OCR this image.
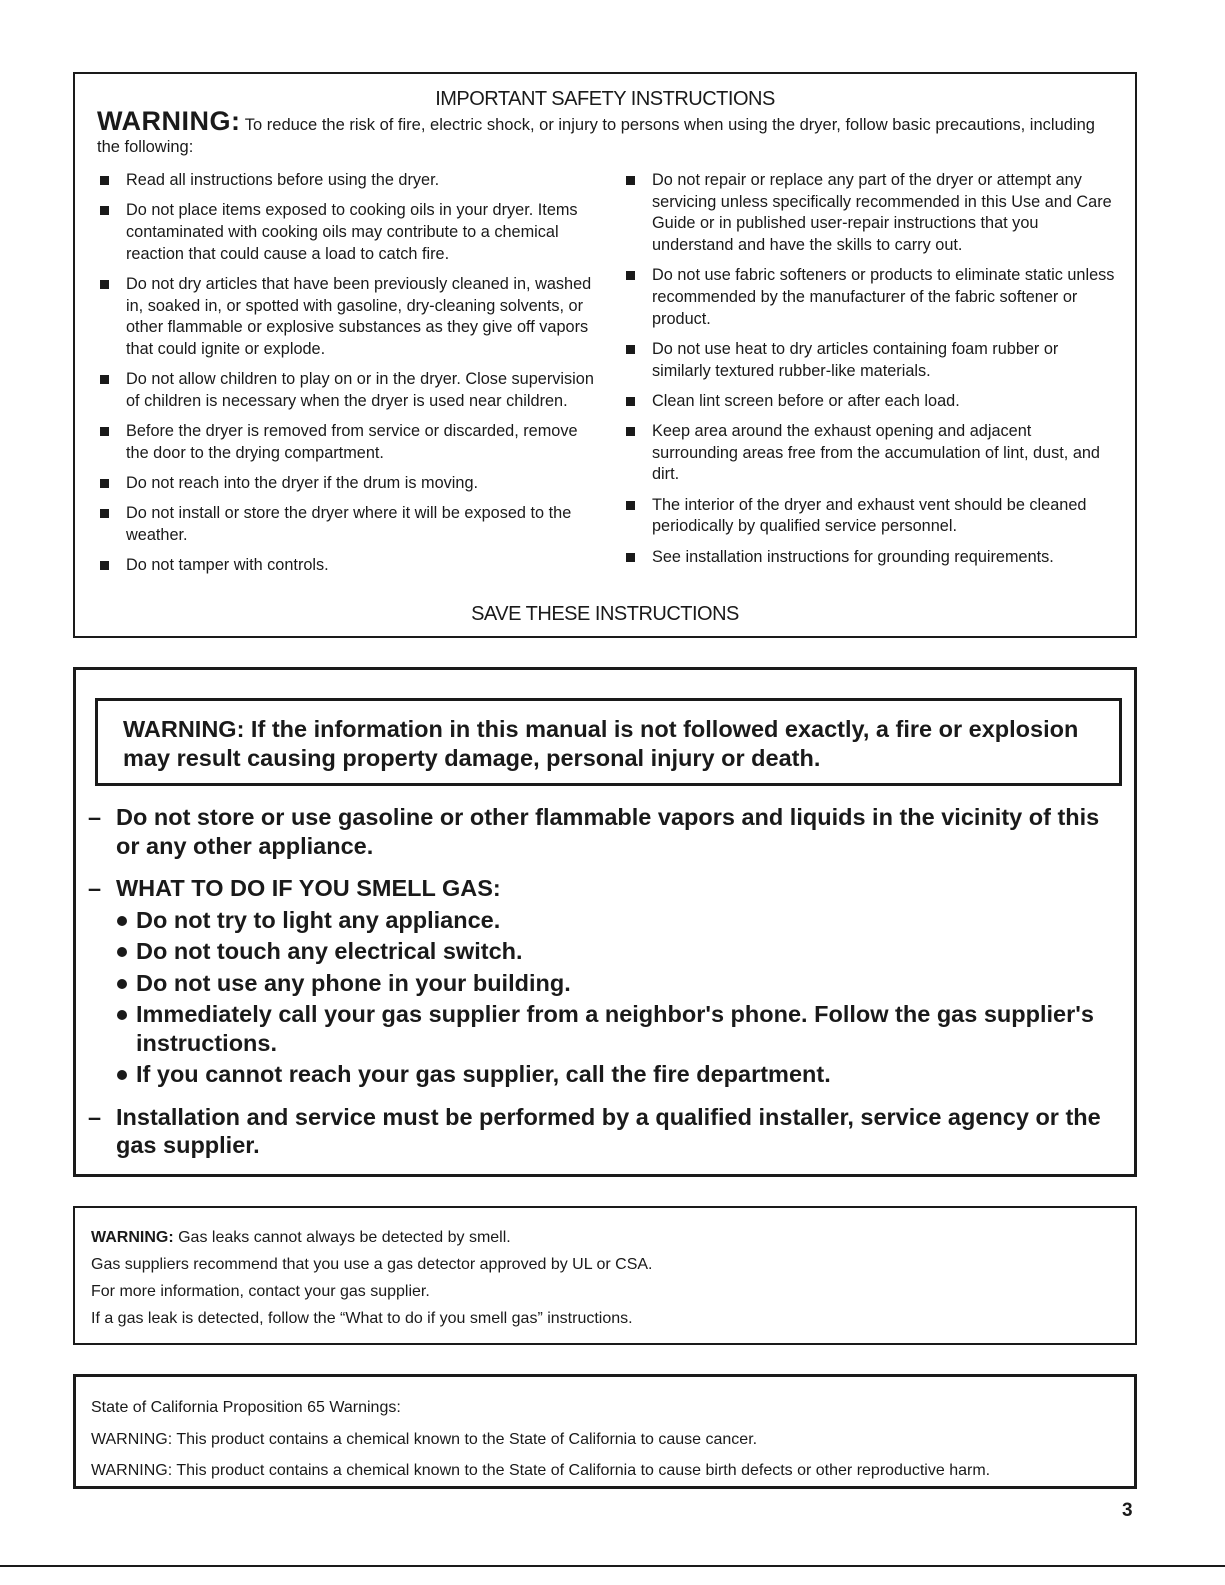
IMPORTANT SAFETY INSTRUCTIONS
WARNING: To reduce the risk of fire, electric shock, or injury to persons when using the dryer, follow basic precautions, including the following:
Read all instructions before using the dryer.
Do not place items exposed to cooking oils in your dryer. Items contaminated with cooking oils may contribute to a chemical reaction that could cause a load to catch fire.
Do not dry articles that have been previously cleaned in, washed in, soaked in, or spotted with gasoline, dry-cleaning solvents, or other flammable or explosive substances as they give off vapors that could ignite or explode.
Do not allow children to play on or in the dryer. Close supervision of children is necessary when the dryer is used near children.
Before the dryer is removed from service or discarded, remove the door to the drying compartment.
Do not reach into the dryer if the drum is moving.
Do not install or store the dryer where it will be exposed to the weather.
Do not tamper with controls.
Do not repair or replace any part of the dryer or attempt any servicing unless specifically recommended in this Use and Care Guide or in published user-repair instructions that you understand and have the skills to carry out.
Do not use fabric softeners or products to eliminate static unless recommended by the manufacturer of the fabric softener or product.
Do not use heat to dry articles containing foam rubber or similarly textured rubber-like materials.
Clean lint screen before or after each load.
Keep area around the exhaust opening and adjacent surrounding areas free from the accumulation of lint, dust, and dirt.
The interior of the dryer and exhaust vent should be cleaned periodically by qualified service personnel.
See installation instructions for grounding requirements.
SAVE THESE INSTRUCTIONS
WARNING: If the information in this manual is not followed exactly, a fire or explosion may result causing property damage, personal injury or death.
– Do not store or use gasoline or other flammable vapors and liquids in the vicinity of this or any other appliance.
– WHAT TO DO IF YOU SMELL GAS:
Do not try to light any appliance.
Do not touch any electrical switch.
Do not use any phone in your building.
Immediately call your gas supplier from a neighbor's phone. Follow the gas supplier's instructions.
If you cannot reach your gas supplier, call the fire department.
– Installation and service must be performed by a qualified installer, service agency or the gas supplier.
WARNING: Gas leaks cannot always be detected by smell.
Gas suppliers recommend that you use a gas detector approved by UL or CSA.
For more information, contact your gas supplier.
If a gas leak is detected, follow the “What to do if you smell gas” instructions.
State of California Proposition 65 Warnings:
WARNING: This product contains a chemical known to the State of California to cause cancer.
WARNING: This product contains a chemical known to the State of California to cause birth defects or other reproductive harm.
3
